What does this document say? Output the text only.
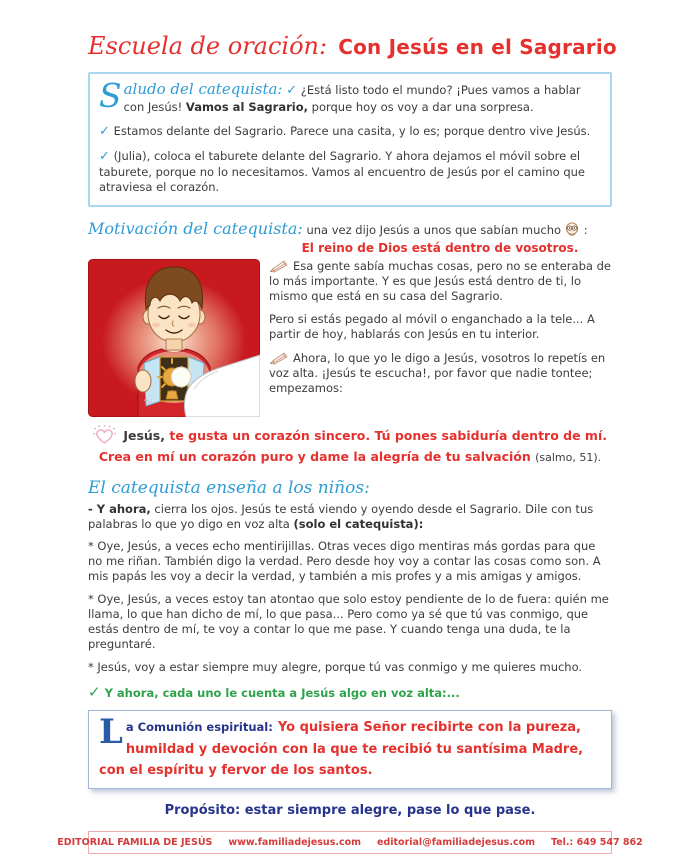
Escuela de oración: Con Jesús en el Sagrario

S aludo del catequista: ✓ ¿Está listo todo el mundo? ¡Pues vamos a hablar con Jesús! Vamos al Sagrario, porque hoy os voy a dar una sorpresa.

✓ Estamos delante del Sagrario. Parece una casita, y lo es; porque dentro vive Jesús.

✓ (Julia), coloca el taburete delante del Sagrario. Y ahora dejamos el móvil sobre el taburete, porque no lo necesitamos. Vamos al encuentro de Jesús por el camino que atraviesa el corazón.

Motivación del catequista: una vez dijo Jesús a unos que sabían mucho :

El reino de Dios está dentro de vosotros.

Esa gente sabía muchas cosas, pero no se enteraba de lo más importante. Y es que Jesús está dentro de ti, lo mismo que está en su casa del Sagrario.

Pero si estás pegado al móvil o enganchado a la tele... A partir de hoy, hablarás con Jesús en tu interior.

Ahora, lo que yo le digo a Jesús, vosotros lo repetís en voz alta. ¡Jesús te escucha!, por favor que nadie tontee; empezamos:

Jesús, te gusta un corazón sincero. Tú pones sabiduría dentro de mí.
Crea en mí un corazón puro y dame la alegría de tu salvación (salmo, 51).
El catequista enseña a los niños:

- Y ahora, cierra los ojos. Jesús te está viendo y oyendo desde el Sagrario. Dile con tus palabras lo que yo digo en voz alta (solo el catequista):

* Oye, Jesús, a veces echo mentirijillas. Otras veces digo mentiras más gordas para que no me riñan. También digo la verdad. Pero desde hoy voy a contar las cosas como son. A mis papás les voy a decir la verdad, y también a mis profes y a mis amigas y amigos.

* Oye, Jesús, a veces estoy tan atontao que solo estoy pendiente de lo de fuera: quién me llama, lo que han dicho de mí, lo que pasa... Pero como ya sé que tú vas conmigo, que estás dentro de mí, te voy a contar lo que me pase. Y cuando tenga una duda, te la preguntaré.

* Jesús, voy a estar siempre muy alegre, porque tú vas conmigo y me quieres mucho.

✓ Y ahora, cada uno le cuenta a Jesús algo en voz alta:...

L a Comunión espiritual: Yo quisiera Señor recibirte con la pureza, humildad y devoción con la que te recibió tu santísima Madre, con el espíritu y fervor de los santos.

Propósito: estar siempre alegre, pase lo que pase.

EDITORIAL FAMILIA DE JESÚS www.familiadejesus.com editorial@familiadejesus.com Tel.: 649 547 862
